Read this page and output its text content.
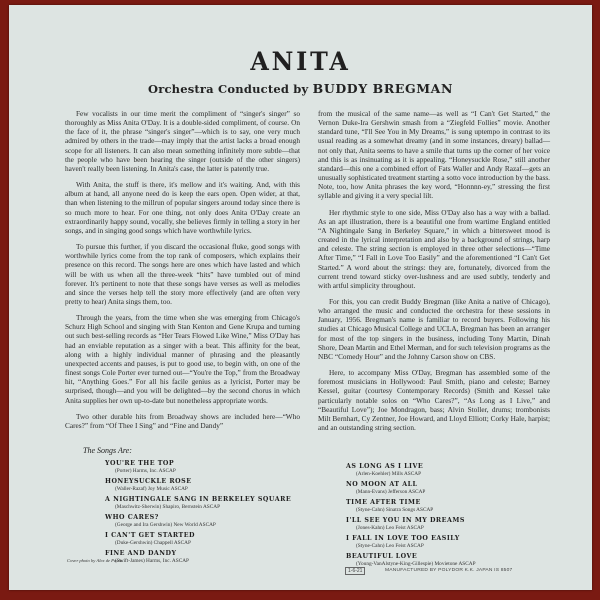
ANITA
Orchestra Conducted by BUDDY BREGMAN

Few vocalists in our time merit the compliment of “singer's singer” so thoroughly as Miss Anita O'Day. It is a double-sided compliment, of course. On the face of it, the phrase “singer's singer”—which is to say, one very much admired by others in the trade—may imply that the artist lacks a broad enough scope for all listeners. It can also mean something infinitely more subtle—that the people who have been hearing the singer (outside of the other singers) haven't really been listening. In Anita's case, the latter is patently true.

With Anita, the stuff is there, it's mellow and it's waiting. And, with this album at hand, all anyone need do is keep the ears open. Open wider, at that, than when listening to the millrun of popular singers around today since there is so much more to hear. For one thing, not only does Anita O'Day create an extraordinarily happy sound, vocally, she believes firmly in telling a story in her songs, and in singing good songs which have worthwhile lyrics.

To pursue this further, if you discard the occasional fluke, good songs with worthwhile lyrics come from the top rank of composers, which explains their presence on this record. The songs here are ones which have lasted and which will be with us when all the three-week “hits” have tumbled out of mind forever. It's pertinent to note that these songs have verses as well as melodies and since the verses help tell the story more effectively (and are often very pretty to hear) Anita sings them, too.

Through the years, from the time when she was emerging from Chicago's Schurz High School and singing with Stan Kenton and Gene Krupa and turning out such best-selling records as “Her Tears Flowed Like Wine,” Miss O'Day has had an enviable reputation as a singer with a beat. This affinity for the beat, along with a highly individual manner of phrasing and the pleasantly unexpected accents and pauses, is put to good use, to begin with, on one of the finest songs Cole Porter ever turned out—“You're the Top,” from the Broadway hit, “Anything Goes.” For all his facile genius as a lyricist, Porter may be surprised, though—and you will be delighted—by the second chorus in which Anita supplies her own up-to-date but nonetheless appropriate words.

Two other durable hits from Broadway shows are included here—“Who Cares?” from “Of Thee I Sing” and “Fine and Dandy”

from the musical of the same name—as well as “I Can't Get Started,” the Vernon Duke-Ira Gershwin smash from a “Ziegfeld Follies” movie. Another standard tune, “I'll See You in My Dreams,” is sung uptempo in contrast to its usual reading as a somewhat dreamy (and in some instances, dreary) ballad—not only that, Anita seems to have a smile that turns up the corner of her voice and this is as insinuating as it is appealing. “Honeysuckle Rose,” still another standard—this one a combined effort of Fats Waller and Andy Razaf—gets an unusually sophisticated treatment starting a sotto voce introduction by the bass. Note, too, how Anita phrases the key word, “Honnnn-ey,” stressing the first syllable and giving it a very special lilt.

Her rhythmic style to one side, Miss O'Day also has a way with a ballad. As an apt illustration, there is a beautiful one from wartime England entitled “A Nightingale Sang in Berkeley Square,” in which a bittersweet mood is created in the lyrical interpretation and also by a background of strings, harp and celeste. The string section is employed in three other selections—“Time After Time,” “I Fall in Love Too Easily” and the aforementioned “I Can't Get Started.” A word about the strings: they are, fortunately, divorced from the current trend toward sticky over-lushness and are used subtly, tenderly and with artful simplicity throughout.

For this, you can credit Buddy Bregman (like Anita a native of Chicago), who arranged the music and conducted the orchestra for these sessions in January, 1956. Bregman's name is familiar to record buyers. Following his studies at Chicago Musical College and UCLA, Bregman has been an arranger for most of the top singers in the business, including Tony Martin, Dinah Shore, Dean Martin and Ethel Merman, and for such television programs as the NBC “Comedy Hour” and the Johnny Carson show on CBS.

Here, to accompany Miss O'Day, Bregman has assembled some of the foremost musicians in Hollywood: Paul Smith, piano and celeste; Barney Kessel, guitar (courtesy Contemporary Records) (Smith and Kessel take particularly notable solos on “Who Cares?”, “As Long as I Live,” and “Beautiful Love”); Joe Mondragon, bass; Alvin Stoller, drums; trombonists Milt Bernhart, Cy Zentner, Joe Howard, and Lloyd Elliott; Corky Hale, harpist; and an outstanding string section.

The Songs Are:
YOU'RE THE TOP
(Porter) Harms, Inc. ASCAP
HONEYSUCKLE ROSE
(Waller-Razaf) Joy Music ASCAP
A NIGHTINGALE SANG IN BERKELEY SQUARE
(Maschwitz-Sherwin) Shapiro, Bernstein ASCAP
WHO CARES?
(George and Ira Gershwin) New World ASCAP
I CAN'T GET STARTED
(Duke-Gershwin) Chappell ASCAP
FINE AND DANDY
(Swift-James) Harms, Inc. ASCAP
AS LONG AS I LIVE
(Arlen-Koehler) Mills ASCAP
NO MOON AT ALL
(Mann-Evans) Jefferson ASCAP
TIME AFTER TIME
(Styne-Cahn) Sinatra Songs ASCAP
I'LL SEE YOU IN MY DREAMS
(Jones-Kahn) Leo Feist ASCAP
I FALL IN LOVE TOO EASILY
(Styne-Cahn) Leo Feist ASCAP
BEAUTIFUL LOVE
(Young-VanAlstyne-King-Gillespie) Movietone ASCAP
Cover photo by Alex de Paola
1-6-21	MANUFACTURED BY POLYDOR K.K. JAPAN IS 8507
